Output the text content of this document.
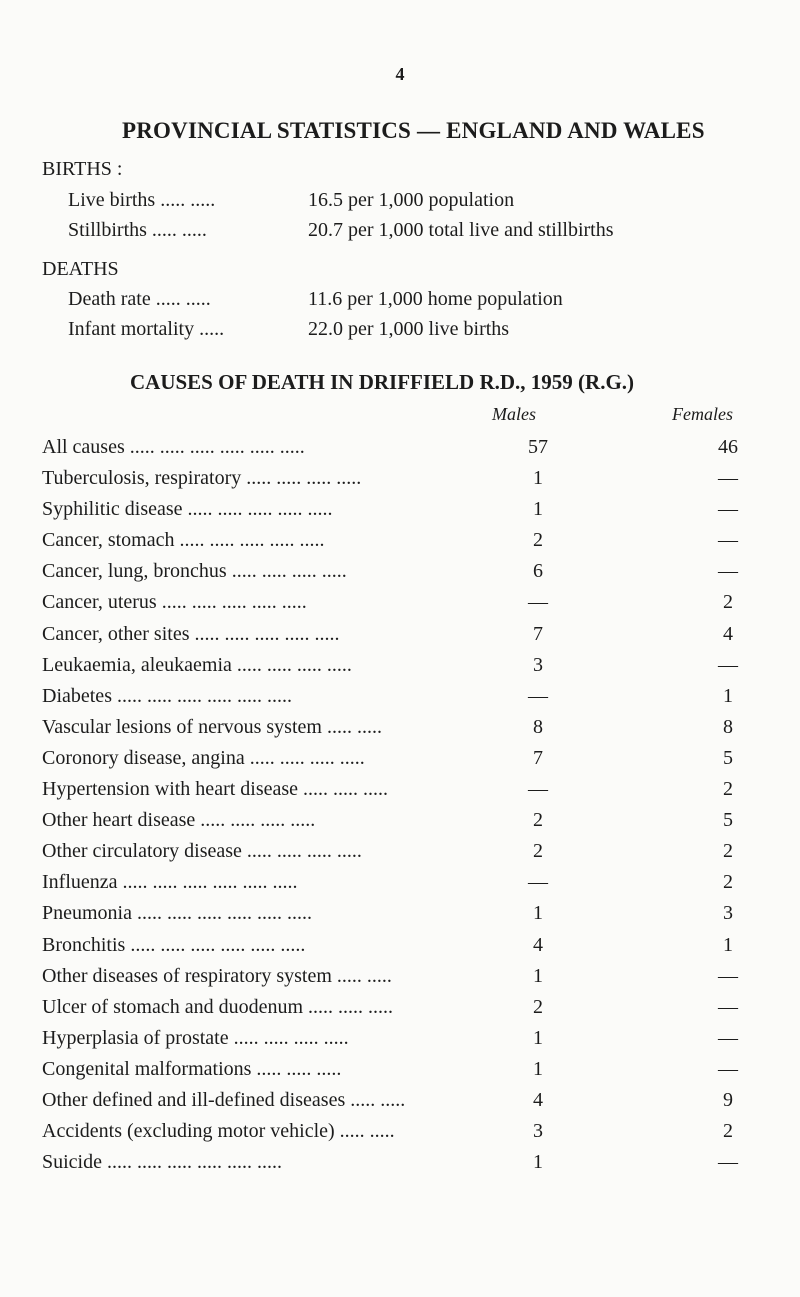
4
PROVINCIAL STATISTICS — ENGLAND AND WALES
BIRTHS :
Live births ..... .....	16.5 per 1,000 population
Stillbirths ..... .....	20.7 per 1,000 total live and stillbirths
DEATHS
Death rate ..... .....	11.6 per 1,000 home population
Infant mortality .....	22.0 per 1,000 live births
CAUSES OF DEATH IN DRIFFIELD R.D., 1959 (R.G.)
Males	Females
All causes ..... ..... ..... ..... ..... .....	57	46
Tuberculosis, respiratory ..... ..... ..... .....	1	—
Syphilitic disease ..... ..... ..... ..... .....	1	—
Cancer, stomach ..... ..... ..... ..... .....	2	—
Cancer, lung, bronchus ..... ..... ..... .....	6	—
Cancer, uterus ..... ..... ..... ..... .....	—	2
Cancer, other sites ..... ..... ..... ..... .....	7	4
Leukaemia, aleukaemia ..... ..... ..... .....	3	—
Diabetes ..... ..... ..... ..... ..... .....	—	1
Vascular lesions of nervous system ..... .....	8	8
Coronory disease, angina ..... ..... ..... .....	7	5
Hypertension with heart disease ..... ..... .....	—	2
Other heart disease ..... ..... ..... .....	2	5
Other circulatory disease ..... ..... ..... .....	2	2
Influenza ..... ..... ..... ..... ..... .....	—	2
Pneumonia ..... ..... ..... ..... ..... .....	1	3
Bronchitis ..... ..... ..... ..... ..... .....	4	1
Other diseases of respiratory system ..... .....	1	—
Ulcer of stomach and duodenum ..... ..... .....	2	—
Hyperplasia of prostate ..... ..... ..... .....	1	—
Congenital malformations ..... ..... .....	1	—
Other defined and ill-defined diseases ..... .....	4	9
Accidents (excluding motor vehicle) ..... .....	3	2
Suicide ..... ..... ..... ..... ..... .....	1	—
